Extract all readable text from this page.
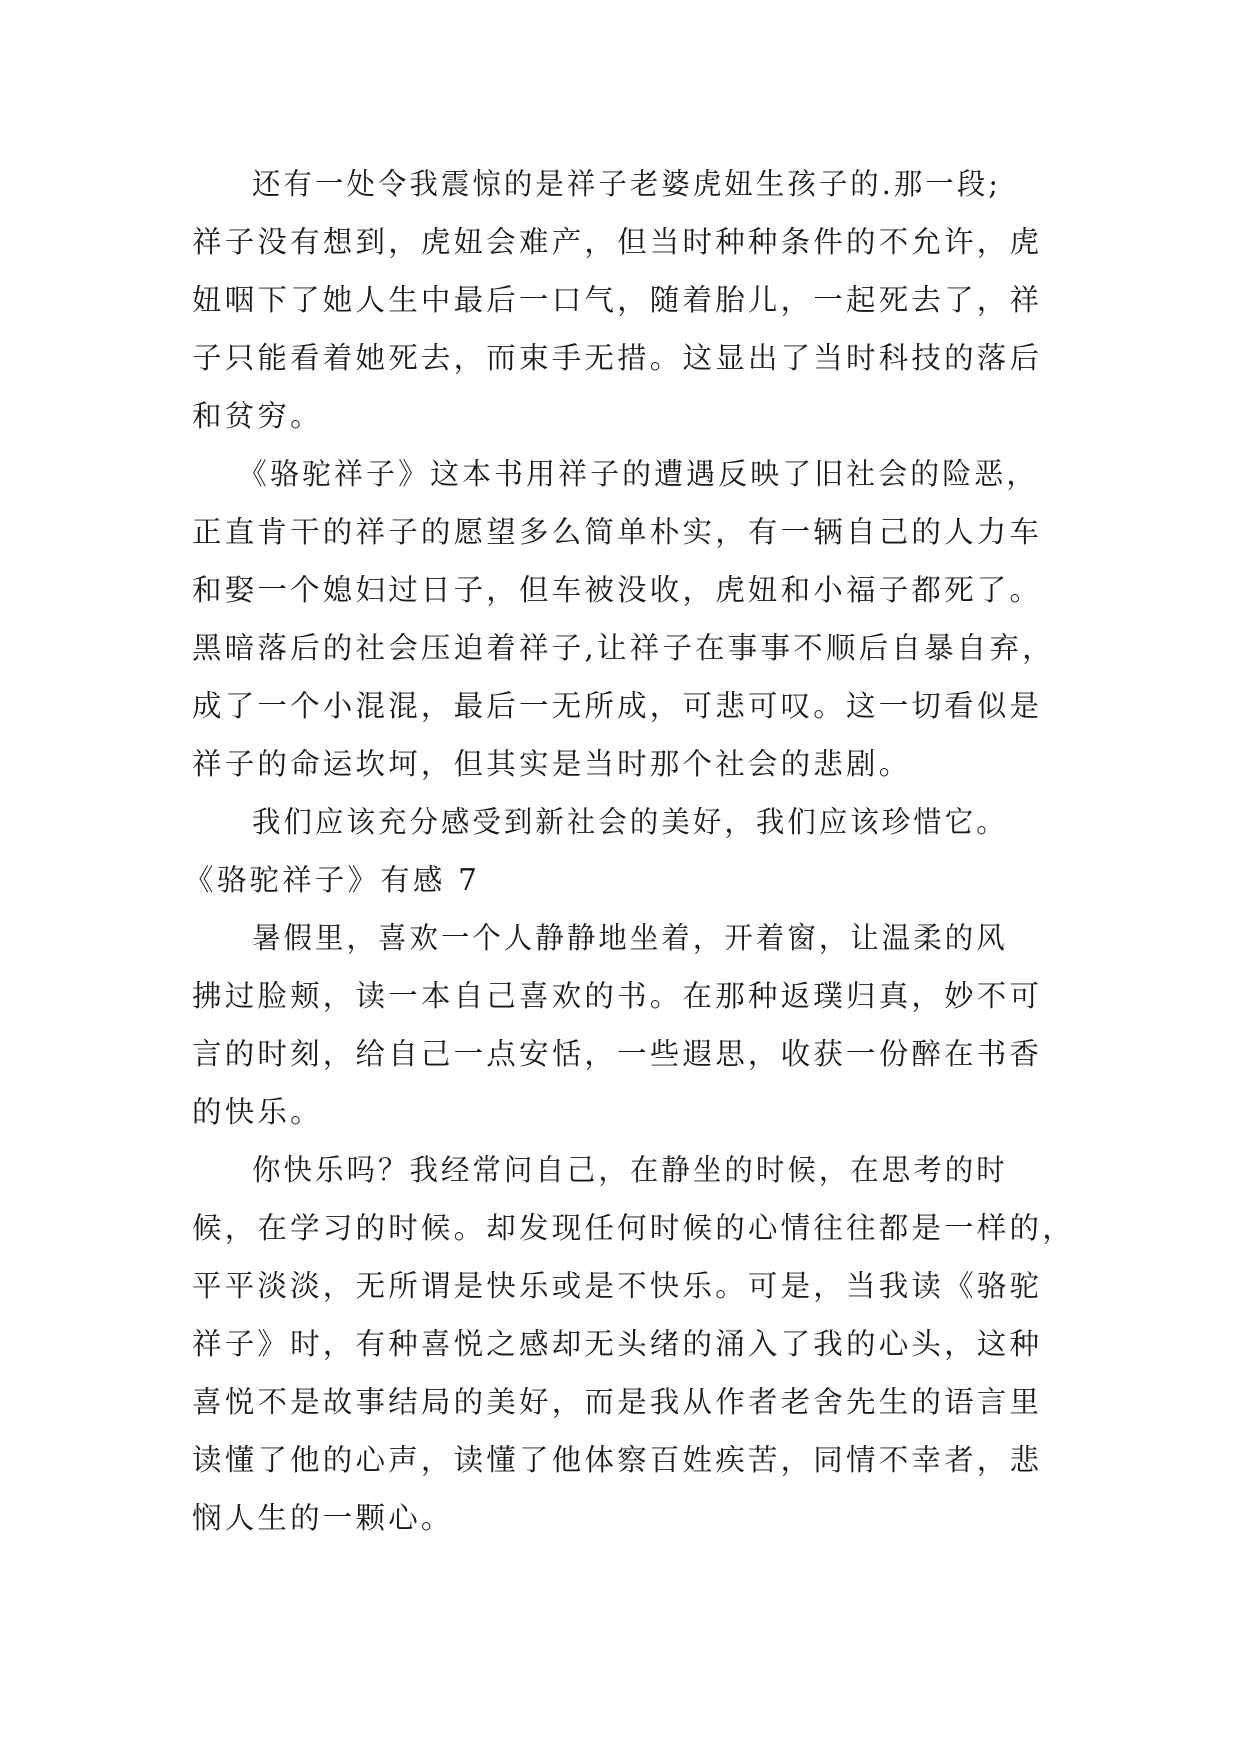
还有一处令我震惊的是祥子老婆虎妞生孩子的.那一段;
祥子没有想到，虎妞会难产，但当时种种条件的不允许，虎
妞咽下了她人生中最后一口气，随着胎儿，一起死去了，祥
子只能看着她死去，而束手无措。这显出了当时科技的落后
和贫穷。
《骆驼祥子》这本书用祥子的遭遇反映了旧社会的险恶，
正直肯干的祥子的愿望多么简单朴实，有一辆自己的人力车
和娶一个媳妇过日子，但车被没收，虎妞和小福子都死了。
黑暗落后的社会压迫着祥子,让祥子在事事不顺后自暴自弃，
成了一个小混混，最后一无所成，可悲可叹。这一切看似是
祥子的命运坎坷，但其实是当时那个社会的悲剧。
我们应该充分感受到新社会的美好，我们应该珍惜它。
《骆驼祥子》有感 7
暑假里，喜欢一个人静静地坐着，开着窗，让温柔的风
拂过脸颊，读一本自己喜欢的书。在那种返璞归真，妙不可
言的时刻，给自己一点安恬，一些遐思，收获一份醉在书香
的快乐。
你快乐吗？我经常问自己，在静坐的时候，在思考的时
候，在学习的时候。却发现任何时候的心情往往都是一样的，
平平淡淡，无所谓是快乐或是不快乐。可是，当我读《骆驼
祥子》时，有种喜悦之感却无头绪的涌入了我的心头，这种
喜悦不是故事结局的美好，而是我从作者老舍先生的语言里
读懂了他的心声，读懂了他体察百姓疾苦，同情不幸者，悲
悯人生的一颗心。
